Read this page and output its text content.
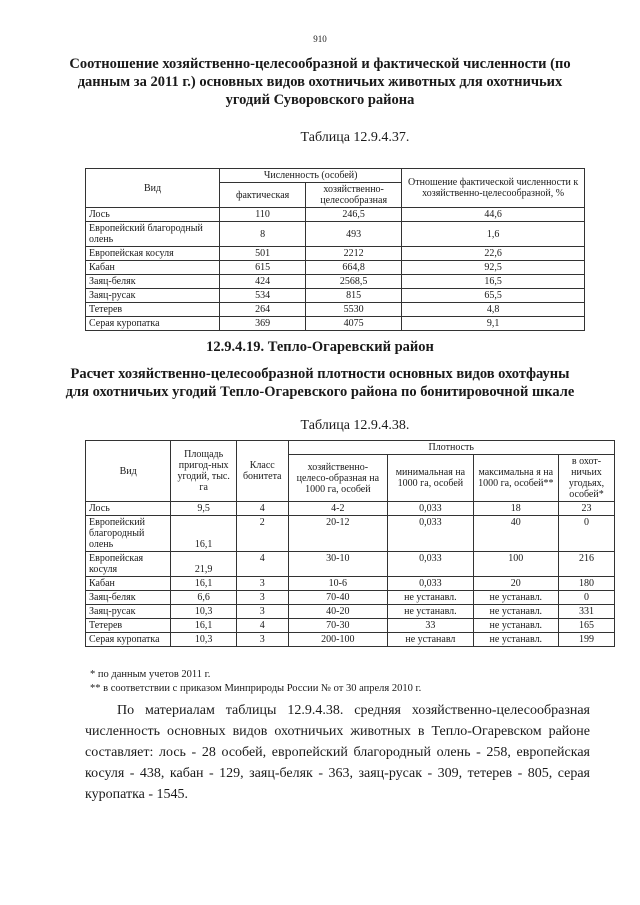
910
Соотношение хозяйственно-целесообразной и фактической численности (по данным за 2011 г.) основных видов охотничьих животных для охотничьих угодий Суворовского района
Таблица 12.9.4.37.
Вид	Численность (особей)		Отношение фактической численности к хозяйственно-целесообразной, %
	фактическая	хозяйственно-целесообразная	
Лось	110	246,5	44,6
Европейский благородный олень	8	493	1,6
Европейская косуля	501	2212	22,6
Кабан	615	664,8	92,5
Заяц-беляк	424	2568,5	16,5
Заяц-русак	534	815	65,5
Тетерев	264	5530	4,8
Серая куропатка	369	4075	9,1
12.9.4.19. Тепло-Огаревский район
Расчет хозяйственно-целесообразной плотности основных видов охотфауны для охотничьих угодий Тепло-Огаревского района по бонитировочной шкале
Таблица 12.9.4.38.
Вид	Площадь пригод-ных угодий, тыс. га	Класс бонитета	Плотность			
			хозяйственно-целесо-образная на 1000 га, особей	минимальная на 1000 га, особей	максимальна я на 1000 га, особей**	в охот-ничьих угодьях, особей*
Лось	9,5	4	4-2	0,033	18	23
Европейский благородный олень	16,1	2	20-12	0,033	40	0
Европейская косуля	21,9	4	30-10	0,033	100	216
Кабан	16,1	3	10-6	0,033	20	180
Заяц-беляк	6,6	3	70-40	не устанавл.	не устанавл.	0
Заяц-русак	10,3	3	40-20	не устанавл.	не устанавл.	331
Тетерев	16,1	4	70-30	33	не устанавл.	165
Серая куропатка	10,3	3	200-100	не устанавл	не устанавл.	199
* по данным учетов 2011 г.
** в соответствии с приказом Минприроды России № от 30 апреля 2010 г.
По материалам таблицы 12.9.4.38. средняя хозяйственно-целесообразная численность основных видов охотничьих животных в Тепло-Огаревском районе составляет: лось - 28 особей, европейский благородный олень - 258, европейская косуля - 438, кабан - 129, заяц-беляк - 363, заяц-русак - 309, тетерев - 805, серая куропатка - 1545.
